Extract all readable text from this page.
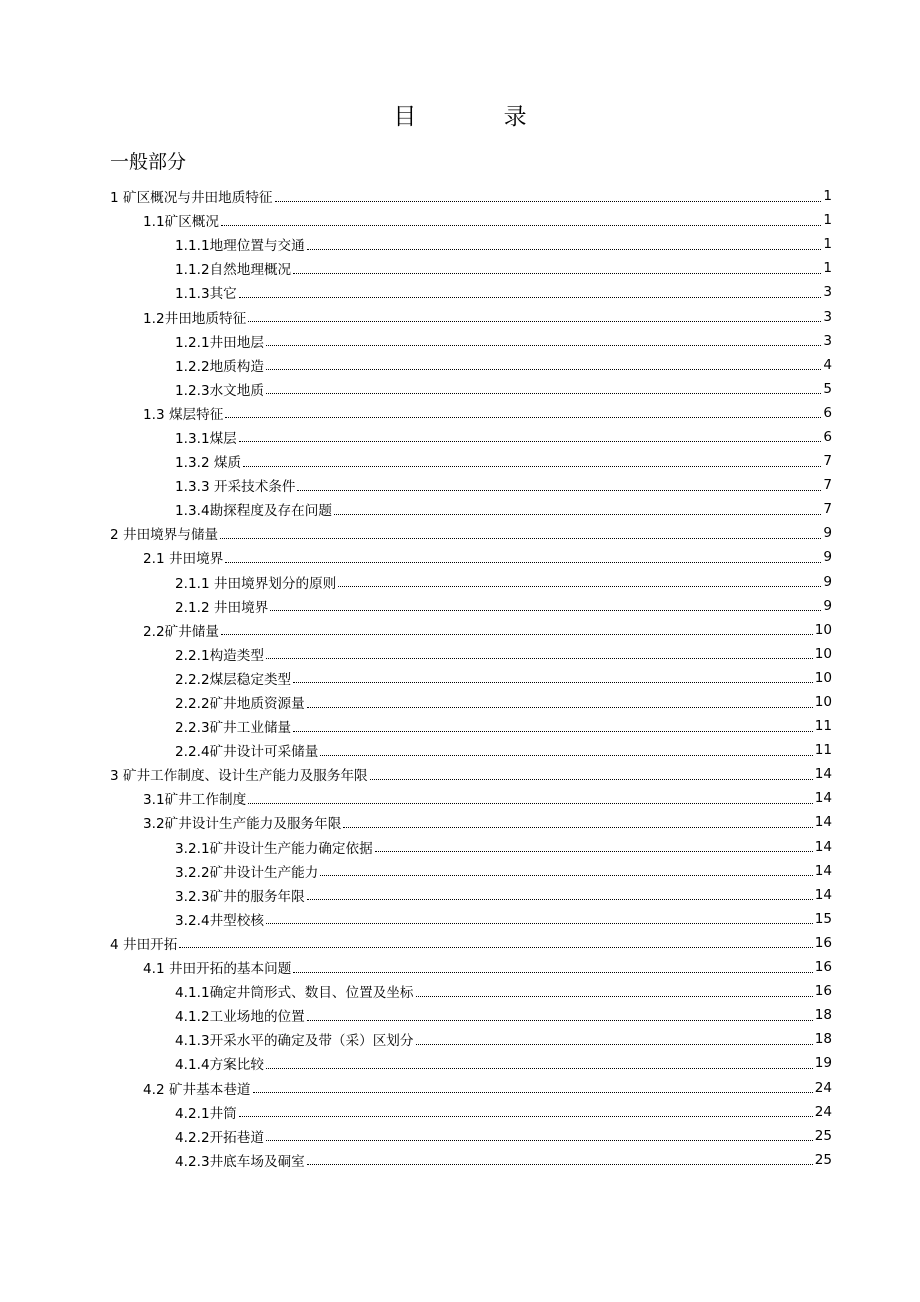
目 录
一般部分
1 矿区概况与井田地质特征	1
1.1矿区概况	1
1.1.1地理位置与交通	1
1.1.2自然地理概况	1
1.1.3其它	3
1.2井田地质特征	3
1.2.1井田地层	3
1.2.2地质构造	4
1.2.3水文地质	5
1.3 煤层特征	6
1.3.1煤层	6
1.3.2 煤质	7
1.3.3 开采技术条件	7
1.3.4勘探程度及存在问题	7
2 井田境界与储量	9
2.1 井田境界	9
2.1.1 井田境界划分的原则	9
2.1.2 井田境界	9
2.2矿井储量	10
2.2.1构造类型	10
2.2.2煤层稳定类型	10
2.2.2矿井地质资源量	10
2.2.3矿井工业储量	11
2.2.4矿井设计可采储量	11
3 矿井工作制度、设计生产能力及服务年限	14
3.1矿井工作制度	14
3.2矿井设计生产能力及服务年限	14
3.2.1矿井设计生产能力确定依据	14
3.2.2矿井设计生产能力	14
3.2.3矿井的服务年限	14
3.2.4井型校核	15
4 井田开拓	16
4.1 井田开拓的基本问题	16
4.1.1确定井筒形式、数目、位置及坐标	16
4.1.2工业场地的位置	18
4.1.3开采水平的确定及带（采）区划分	18
4.1.4方案比较	19
4.2 矿井基本巷道	24
4.2.1井筒	24
4.2.2开拓巷道	25
4.2.3井底车场及硐室	25
